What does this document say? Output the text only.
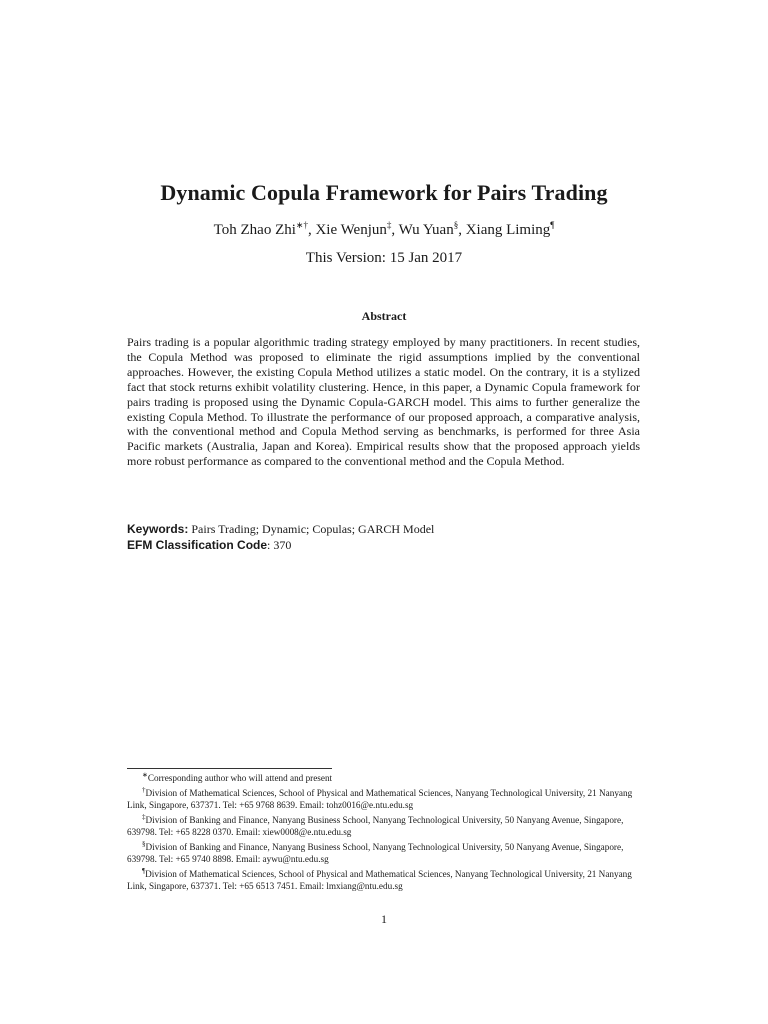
Dynamic Copula Framework for Pairs Trading
Toh Zhao Zhi∗†, Xie Wenjun‡, Wu Yuan§, Xiang Liming¶
This Version: 15 Jan 2017
Abstract
Pairs trading is a popular algorithmic trading strategy employed by many practitioners. In recent studies, the Copula Method was proposed to eliminate the rigid assumptions implied by the conventional approaches. However, the existing Copula Method utilizes a static model. On the contrary, it is a stylized fact that stock returns exhibit volatility clustering. Hence, in this paper, a Dynamic Copula framework for pairs trading is proposed using the Dynamic Copula-GARCH model. This aims to further generalize the existing Copula Method. To illustrate the performance of our proposed approach, a comparative analysis, with the conventional method and Copula Method serving as benchmarks, is performed for three Asia Pacific markets (Australia, Japan and Korea). Empirical results show that the proposed approach yields more robust performance as compared to the conventional method and the Copula Method.
Keywords: Pairs Trading; Dynamic; Copulas; GARCH Model
EFM Classification Code: 370

∗Corresponding author who will attend and present

†Division of Mathematical Sciences, School of Physical and Mathematical Sciences, Nanyang Technological University, 21 Nanyang Link, Singapore, 637371. Tel: +65 9768 8639. Email: tohz0016@e.ntu.edu.sg

‡Division of Banking and Finance, Nanyang Business School, Nanyang Technological University, 50 Nanyang Avenue, Singapore, 639798. Tel: +65 8228 0370. Email: xiew0008@e.ntu.edu.sg

§Division of Banking and Finance, Nanyang Business School, Nanyang Technological University, 50 Nanyang Avenue, Singapore, 639798. Tel: +65 9740 8898. Email: aywu@ntu.edu.sg

¶Division of Mathematical Sciences, School of Physical and Mathematical Sciences, Nanyang Technological University, 21 Nanyang Link, Singapore, 637371. Tel: +65 6513 7451. Email: lmxiang@ntu.edu.sg

1
